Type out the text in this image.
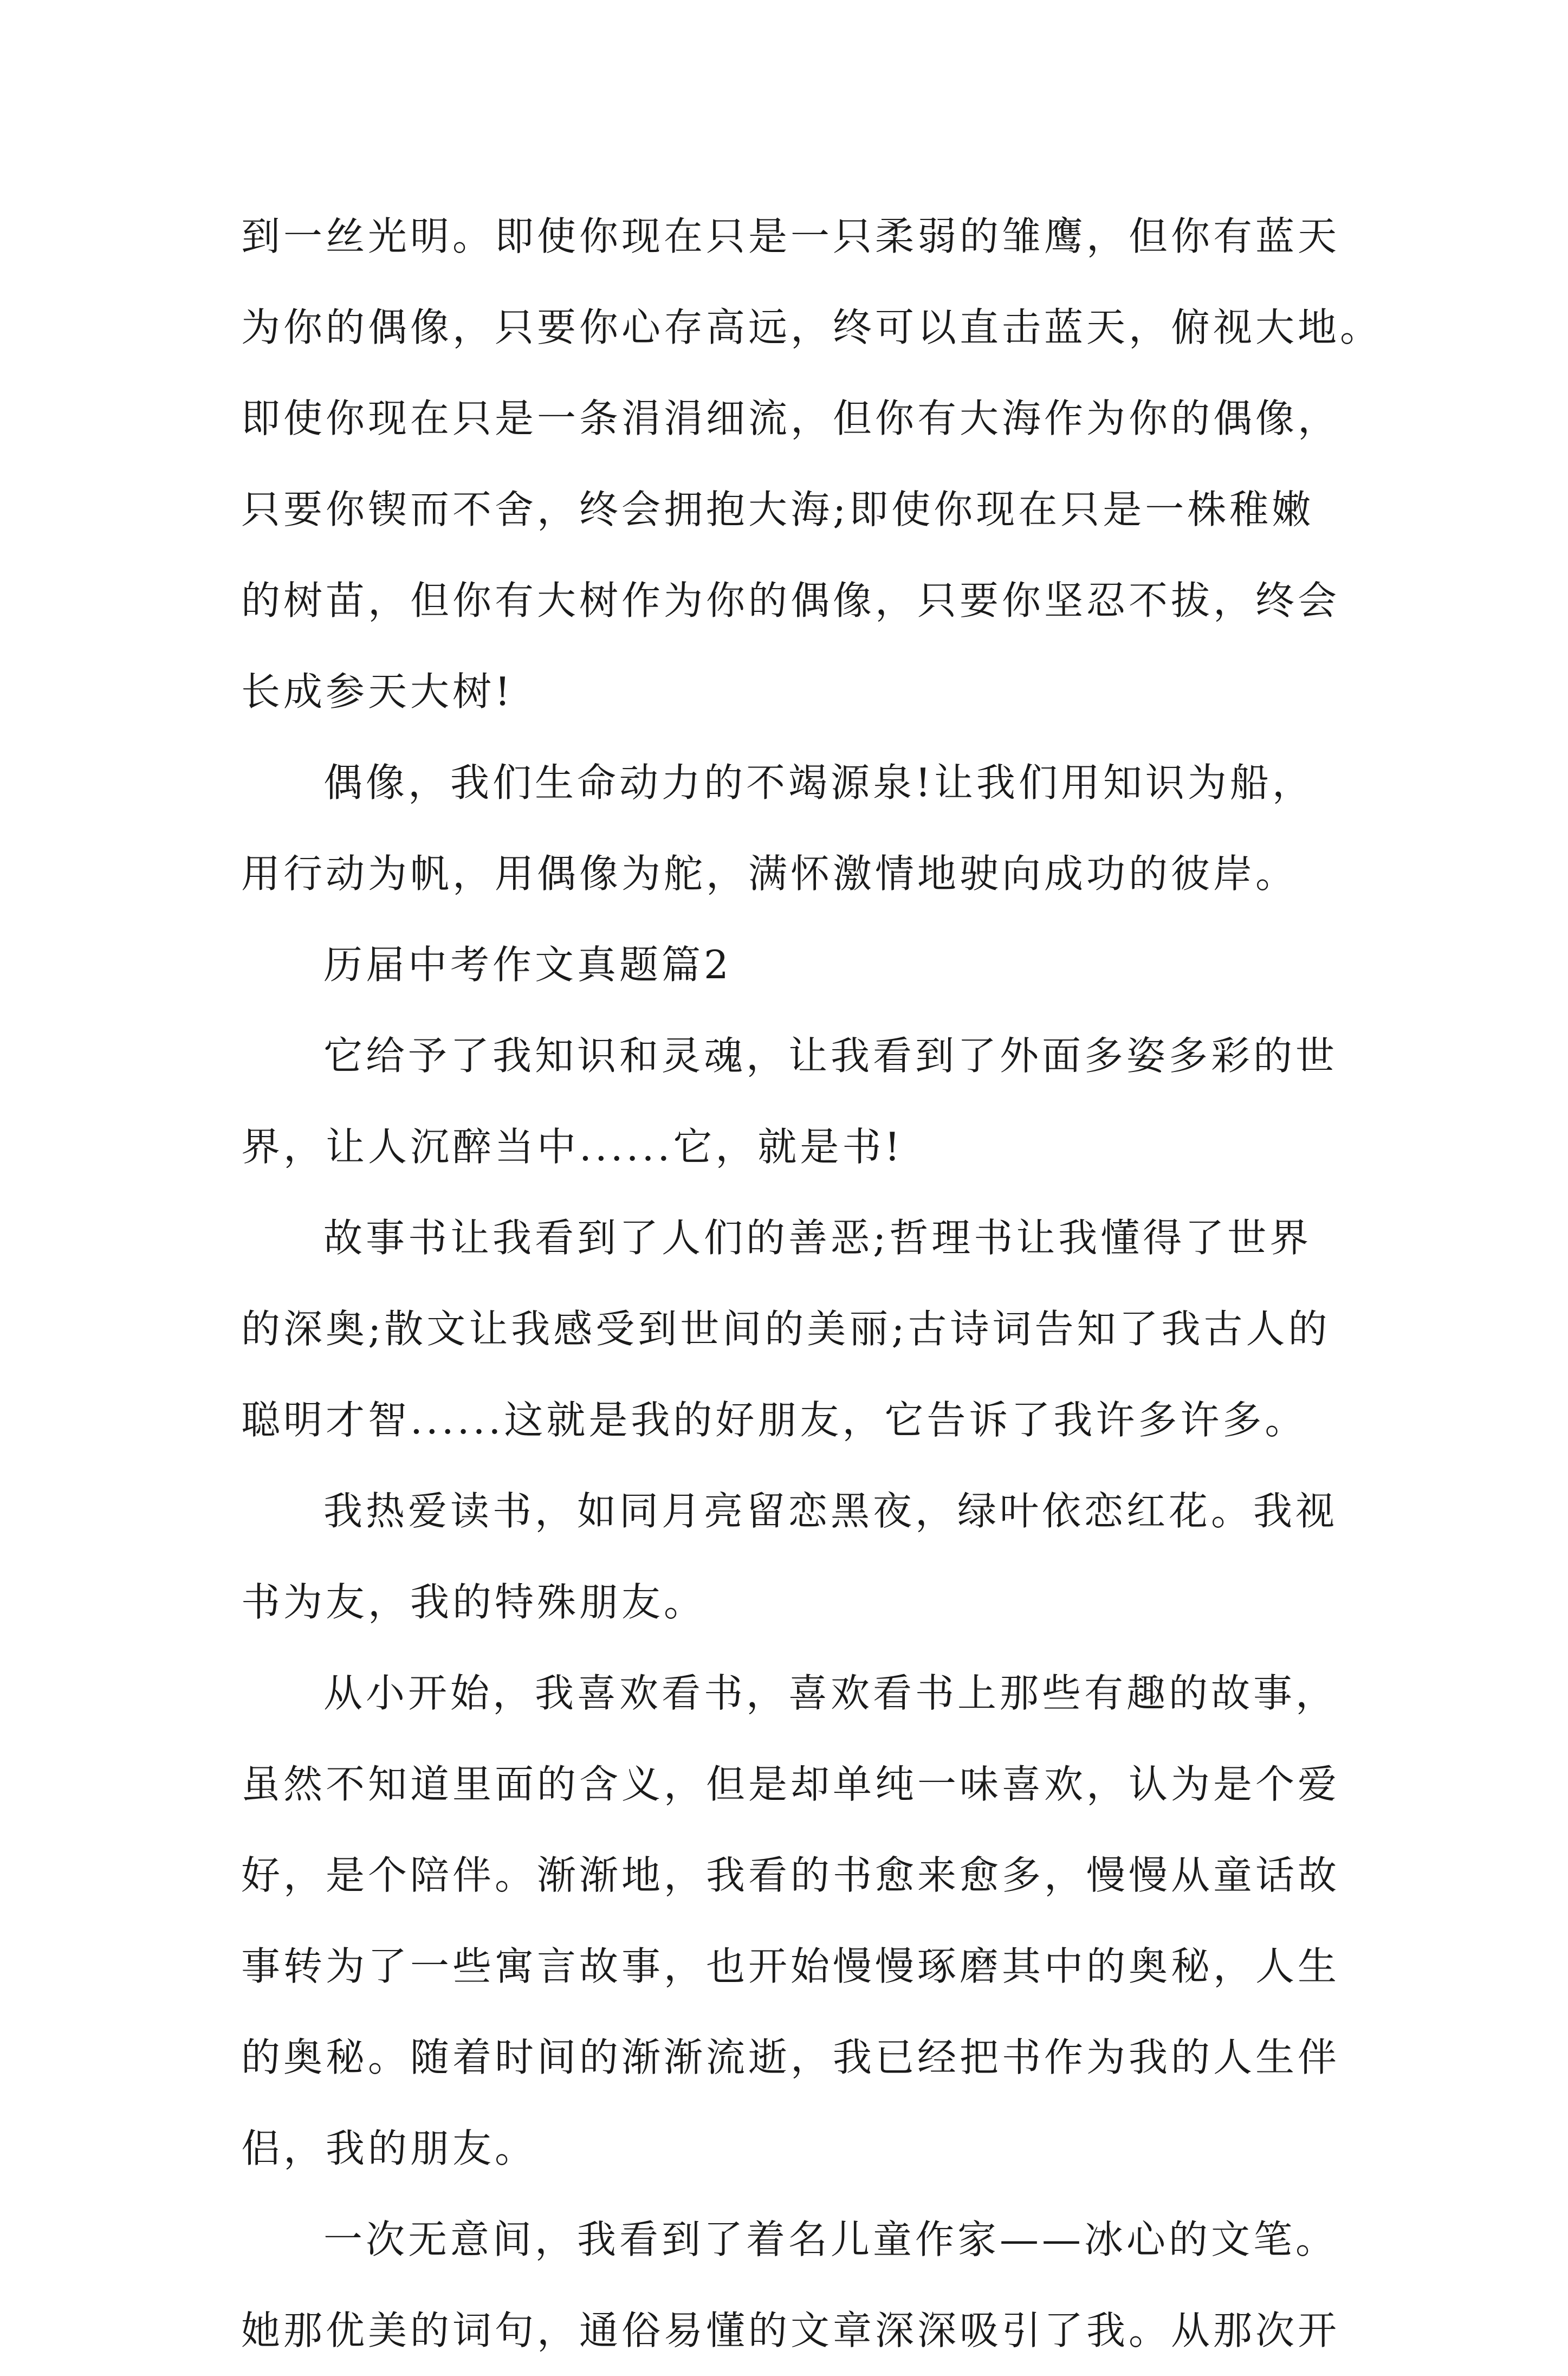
到一丝光明。即使你现在只是一只柔弱的雏鹰，但你有蓝天
为你的偶像，只要你心存高远，终可以直击蓝天，俯视大地。
即使你现在只是一条涓涓细流，但你有大海作为你的偶像，
只要你锲而不舍，终会拥抱大海;即使你现在只是一株稚嫩
的树苗，但你有大树作为你的偶像，只要你坚忍不拔，终会
长成参天大树!
偶像，我们生命动力的不竭源泉!让我们用知识为船，
用行动为帆，用偶像为舵，满怀激情地驶向成功的彼岸。
历届中考作文真题篇2
它给予了我知识和灵魂，让我看到了外面多姿多彩的世
界，让人沉醉当中......它，就是书!
故事书让我看到了人们的善恶;哲理书让我懂得了世界
的深奥;散文让我感受到世间的美丽;古诗词告知了我古人的
聪明才智......这就是我的好朋友，它告诉了我许多许多。
我热爱读书，如同月亮留恋黑夜，绿叶依恋红花。我视
书为友，我的特殊朋友。
从小开始，我喜欢看书，喜欢看书上那些有趣的故事，
虽然不知道里面的含义，但是却单纯一味喜欢，认为是个爱
好，是个陪伴。渐渐地，我看的书愈来愈多，慢慢从童话故
事转为了一些寓言故事，也开始慢慢琢磨其中的奥秘，人生
的奥秘。随着时间的渐渐流逝，我已经把书作为我的人生伴
侣，我的朋友。
一次无意间，我看到了着名儿童作家——冰心的文笔。
她那优美的词句，通俗易懂的文章深深吸引了我。从那次开
